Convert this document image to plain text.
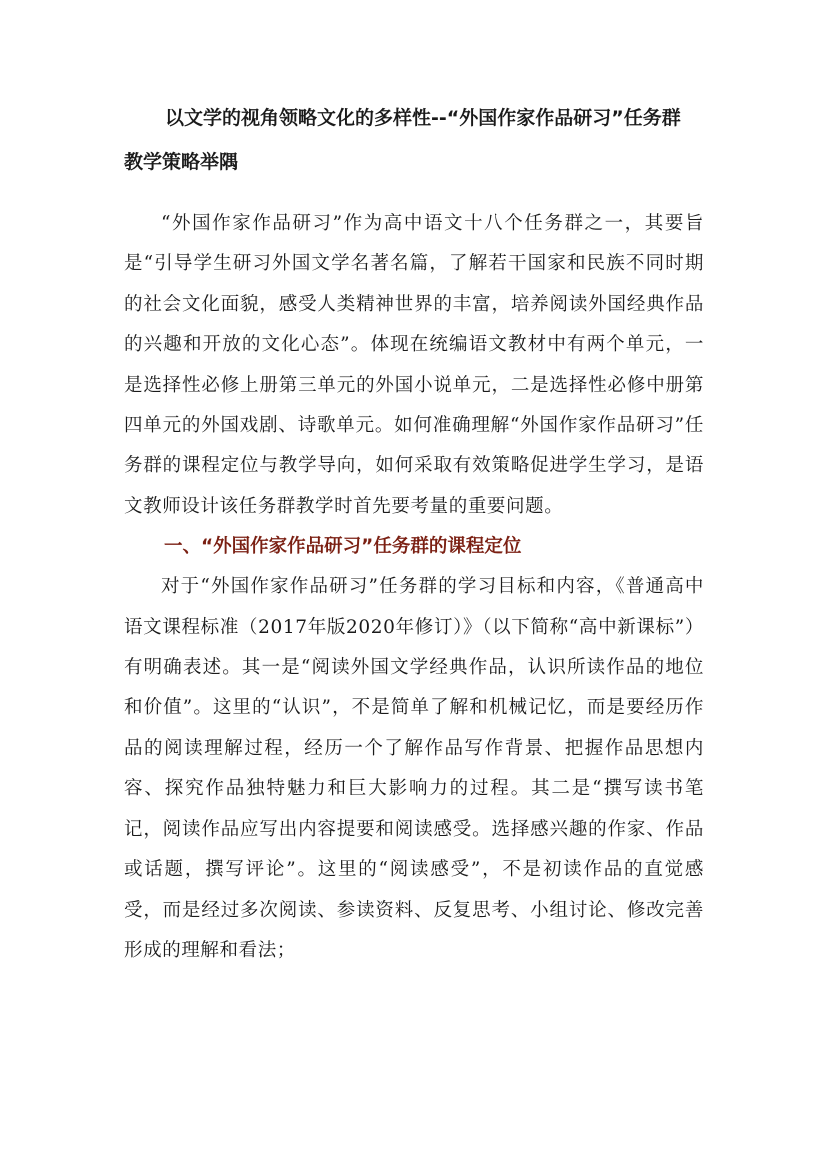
以文学的视角领略文化的多样性--“外国作家作品研习”任务群
教学策略举隅

“外国作家作品研习”作为高中语文十八个任务群之一，其要旨是“引导学生研习外国文学名著名篇，了解若干国家和民族不同时期的社会文化面貌，感受人类精神世界的丰富，培养阅读外国经典作品的兴趣和开放的文化心态”。体现在统编语文教材中有两个单元，一是选择性必修上册第三单元的外国小说单元，二是选择性必修中册第四单元的外国戏剧、诗歌单元。如何准确理解“外国作家作品研习”任务群的课程定位与教学导向，如何采取有效策略促进学生学习，是语文教师设计该任务群教学时首先要考量的重要问题。

一、“外国作家作品研习”任务群的课程定位

对于“外国作家作品研习”任务群的学习目标和内容，《普通高中语文课程标准（2017年版2020年修订）》（以下简称“高中新课标”）有明确表述。其一是“阅读外国文学经典作品，认识所读作品的地位和价值”。这里的“认识”，不是简单了解和机械记忆，而是要经历作品的阅读理解过程，经历一个了解作品写作背景、把握作品思想内容、探究作品独特魅力和巨大影响力的过程。其二是“撰写读书笔记，阅读作品应写出内容提要和阅读感受。选择感兴趣的作家、作品或话题，撰写评论”。这里的“阅读感受”，不是初读作品的直觉感受，而是经过多次阅读、参读资料、反复思考、小组讨论、修改完善形成的理解和看法；
